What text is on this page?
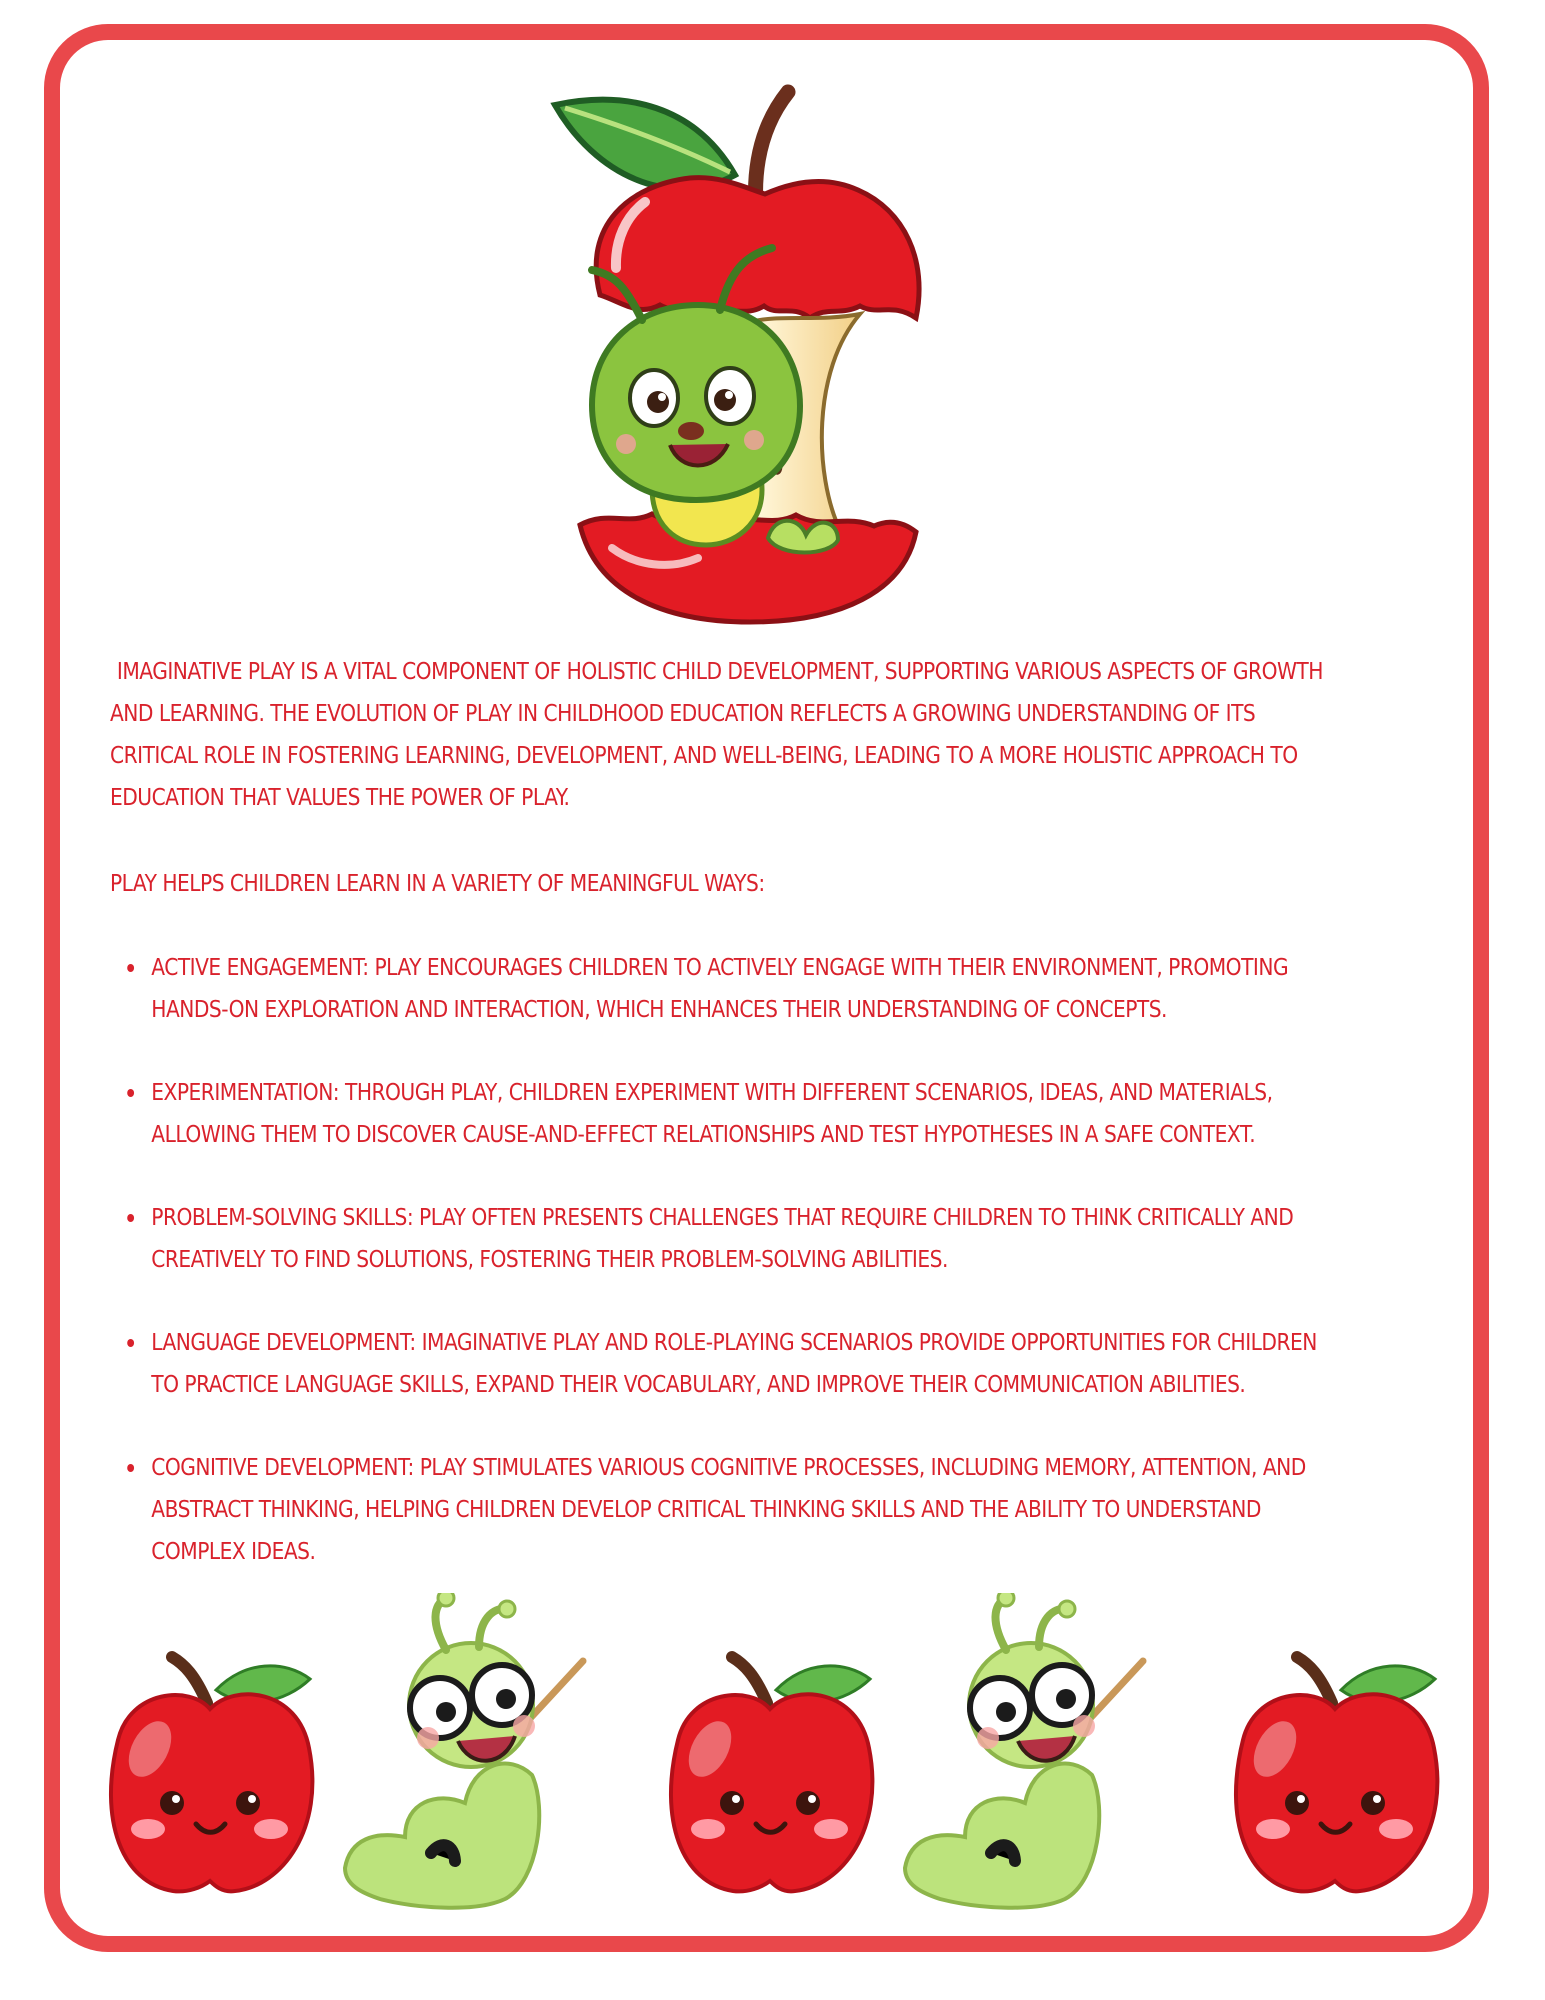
IMAGINATIVE PLAY IS A VITAL COMPONENT OF HOLISTIC CHILD DEVELOPMENT, SUPPORTING VARIOUS ASPECTS OF GROWTH AND LEARNING. THE EVOLUTION OF PLAY IN CHILDHOOD EDUCATION REFLECTS A GROWING UNDERSTANDING OF ITS CRITICAL ROLE IN FOSTERING LEARNING, DEVELOPMENT, AND WELL-BEING, LEADING TO A MORE HOLISTIC APPROACH TO EDUCATION THAT VALUES THE POWER OF PLAY.

PLAY HELPS CHILDREN LEARN IN A VARIETY OF MEANINGFUL WAYS:

ACTIVE ENGAGEMENT: PLAY ENCOURAGES CHILDREN TO ACTIVELY ENGAGE WITH THEIR ENVIRONMENT, PROMOTING HANDS-ON EXPLORATION AND INTERACTION, WHICH ENHANCES THEIR UNDERSTANDING OF CONCEPTS.
EXPERIMENTATION: THROUGH PLAY, CHILDREN EXPERIMENT WITH DIFFERENT SCENARIOS, IDEAS, AND MATERIALS, ALLOWING THEM TO DISCOVER CAUSE-AND-EFFECT RELATIONSHIPS AND TEST HYPOTHESES IN A SAFE CONTEXT.
PROBLEM-SOLVING SKILLS: PLAY OFTEN PRESENTS CHALLENGES THAT REQUIRE CHILDREN TO THINK CRITICALLY AND CREATIVELY TO FIND SOLUTIONS, FOSTERING THEIR PROBLEM-SOLVING ABILITIES.
LANGUAGE DEVELOPMENT: IMAGINATIVE PLAY AND ROLE-PLAYING SCENARIOS PROVIDE OPPORTUNITIES FOR CHILDREN TO PRACTICE LANGUAGE SKILLS, EXPAND THEIR VOCABULARY, AND IMPROVE THEIR COMMUNICATION ABILITIES.
COGNITIVE DEVELOPMENT: PLAY STIMULATES VARIOUS COGNITIVE PROCESSES, INCLUDING MEMORY, ATTENTION, AND ABSTRACT THINKING, HELPING CHILDREN DEVELOP CRITICAL THINKING SKILLS AND THE ABILITY TO UNDERSTAND COMPLEX IDEAS.
